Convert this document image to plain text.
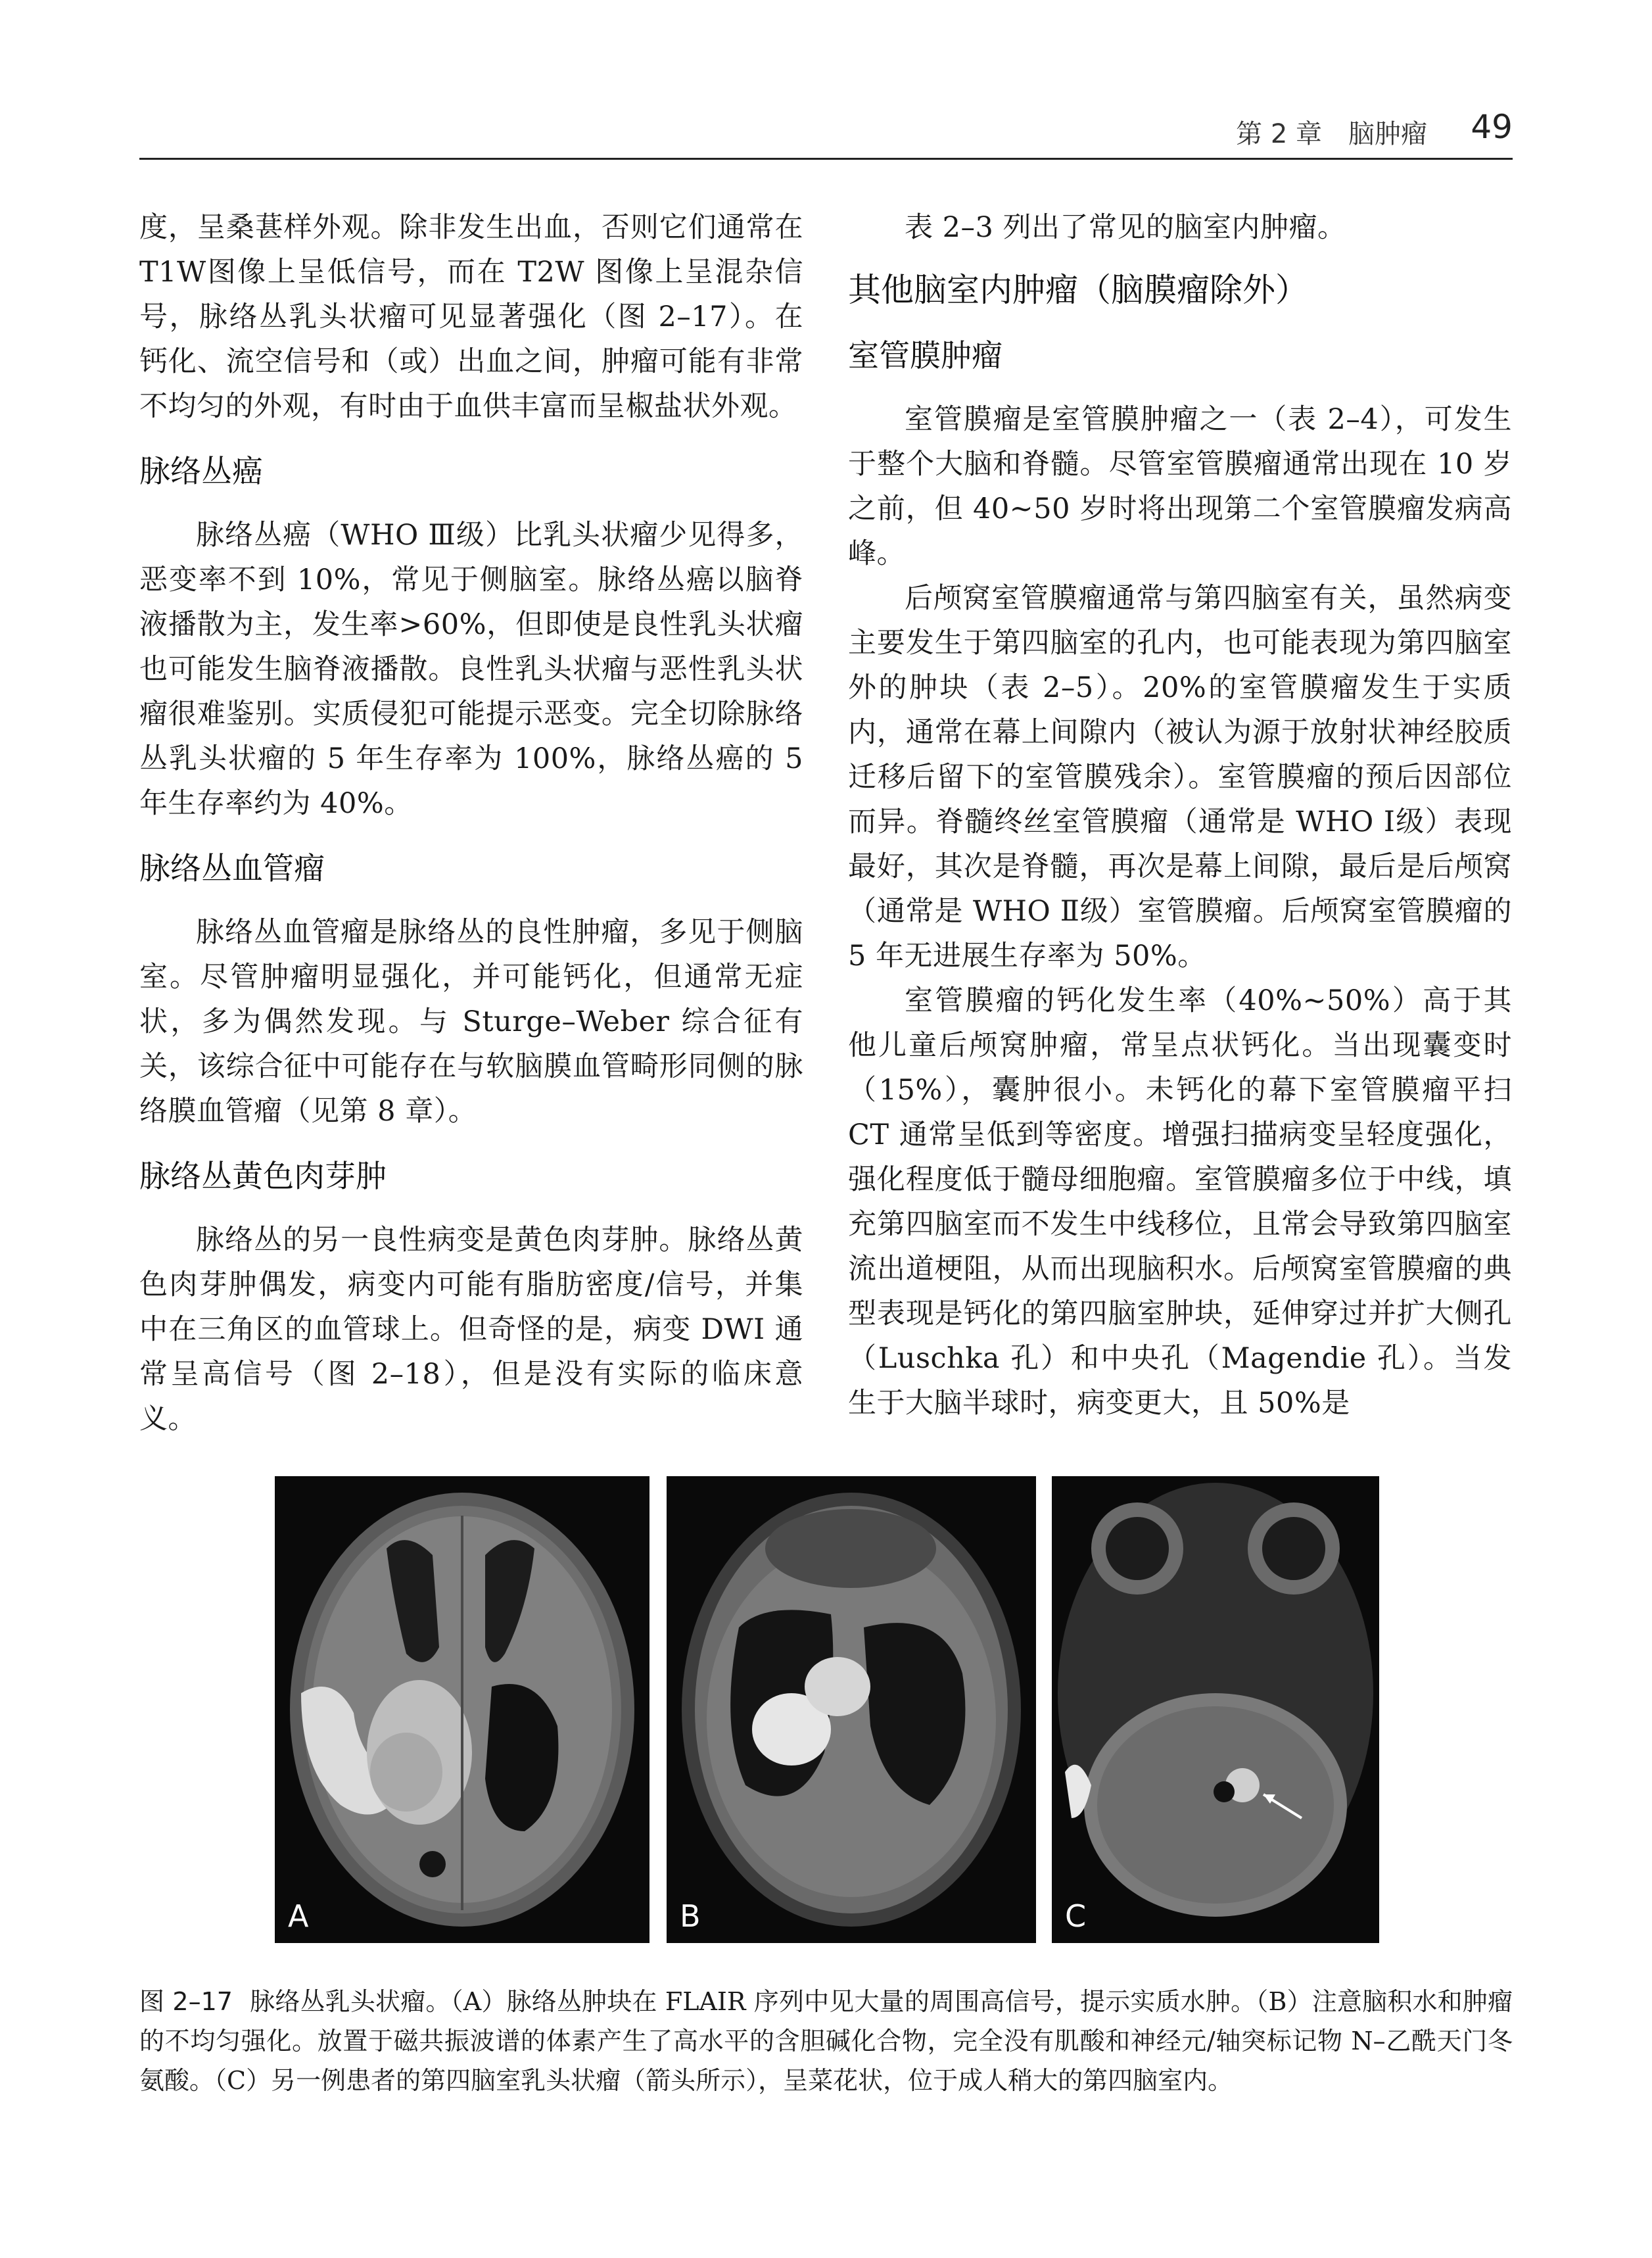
第 2 章　脑肿瘤 49

度，呈桑葚样外观。除非发生出血，否则它们通常在T1W图像上呈低信号，而在 T2W 图像上呈混杂信号，脉络丛乳头状瘤可见显著强化（图 2–17）。在钙化、流空信号和（或）出血之间，肿瘤可能有非常不均匀的外观，有时由于血供丰富而呈椒盐状外观。

脉络丛癌

脉络丛癌（WHO Ⅲ级）比乳头状瘤少见得多，恶变率不到 10%，常见于侧脑室。脉络丛癌以脑脊液播散为主，发生率>60%，但即使是良性乳头状瘤也可能发生脑脊液播散。良性乳头状瘤与恶性乳头状瘤很难鉴别。实质侵犯可能提示恶变。完全切除脉络丛乳头状瘤的 5 年生存率为 100%，脉络丛癌的 5 年生存率约为 40%。

脉络丛血管瘤

脉络丛血管瘤是脉络丛的良性肿瘤，多见于侧脑室。尽管肿瘤明显强化，并可能钙化，但通常无症状，多为偶然发现。与 Sturge–Weber 综合征有关，该综合征中可能存在与软脑膜血管畸形同侧的脉络膜血管瘤（见第 8 章）。

脉络丛黄色肉芽肿

脉络丛的另一良性病变是黄色肉芽肿。脉络丛黄色肉芽肿偶发，病变内可能有脂肪密度/信号，并集中在三角区的血管球上。但奇怪的是，病变 DWI 通常呈高信号（图 2–18），但是没有实际的临床意义。

表 2–3 列出了常见的脑室内肿瘤。

其他脑室内肿瘤（脑膜瘤除外）
室管膜肿瘤

室管膜瘤是室管膜肿瘤之一（表 2–4），可发生于整个大脑和脊髓。尽管室管膜瘤通常出现在 10 岁之前，但 40~50 岁时将出现第二个室管膜瘤发病高峰。

后颅窝室管膜瘤通常与第四脑室有关，虽然病变主要发生于第四脑室的孔内，也可能表现为第四脑室外的肿块（表 2–5）。20%的室管膜瘤发生于实质内，通常在幕上间隙内（被认为源于放射状神经胶质迁移后留下的室管膜残余）。室管膜瘤的预后因部位而异。脊髓终丝室管膜瘤（通常是 WHO Ⅰ级）表现最好，其次是脊髓，再次是幕上间隙，最后是后颅窝（通常是 WHO Ⅱ级）室管膜瘤。后颅窝室管膜瘤的 5 年无进展生存率为 50%。

室管膜瘤的钙化发生率（40%~50%）高于其他儿童后颅窝肿瘤，常呈点状钙化。当出现囊变时（15%），囊肿很小。未钙化的幕下室管膜瘤平扫 CT 通常呈低到等密度。增强扫描病变呈轻度强化，强化程度低于髓母细胞瘤。室管膜瘤多位于中线，填充第四脑室而不发生中线移位，且常会导致第四脑室流出道梗阻，从而出现脑积水。后颅窝室管膜瘤的典型表现是钙化的第四脑室肿块，延伸穿过并扩大侧孔（Luschka 孔）和中央孔（Magendie 孔）。当发生于大脑半球时，病变更大，且 50%是

A	B	C
图 2–17 脉络丛乳头状瘤。（A）脉络丛肿块在 FLAIR 序列中见大量的周围高信号，提示实质水肿。（B）注意脑积水和肿瘤的不均匀强化。放置于磁共振波谱的体素产生了高水平的含胆碱化合物，完全没有肌酸和神经元/轴突标记物 N–乙酰天门冬氨酸。（C）另一例患者的第四脑室乳头状瘤（箭头所示），呈菜花状，位于成人稍大的第四脑室内。
